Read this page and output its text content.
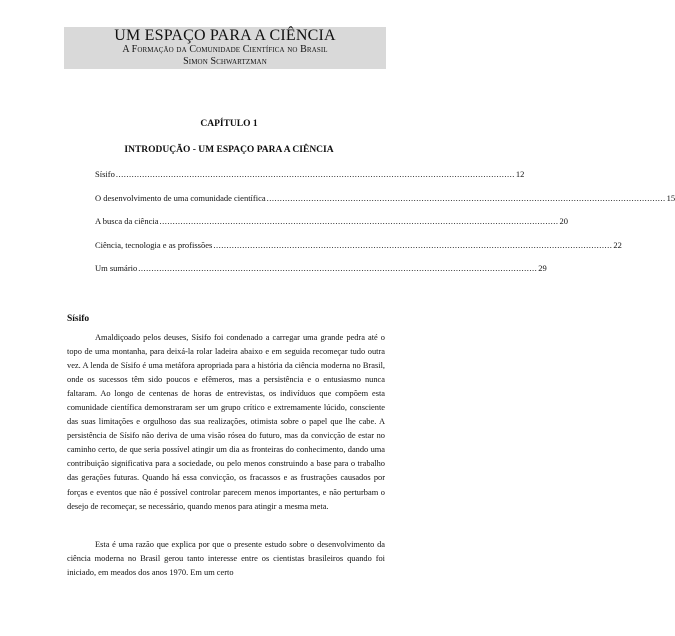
UM ESPAÇO PARA A CIÊNCIA
A Formação da Comunidade Científica no Brasil
Simon Schwartzman
CAPÍTULO 1
INTRODUÇÃO - UM ESPAÇO PARA A CIÊNCIA
Sísifo ........................................................................................................................................................ 12
O desenvolvimento de uma comunidade científica ........................................................................................................................................................ 15
A busca da ciência ........................................................................................................................................................ 20
Ciência, tecnologia e as profissões ........................................................................................................................................................ 22
Um sumário ........................................................................................................................................................ 29
Sísifo

Amaldiçoado pelos deuses, Sísifo foi condenado a carregar uma grande pedra até o topo de uma montanha, para deixá-la rolar ladeira abaixo e em seguida recomeçar tudo outra vez. A lenda de Sísifo é uma metáfora apropriada para a história da ciência moderna no Brasil, onde os sucessos têm sido poucos e efêmeros, mas a persistência e o entusiasmo nunca faltaram. Ao longo de centenas de horas de entrevistas, os indivíduos que compõem esta comunidade científica demonstraram ser um grupo crítico e extremamente lúcido, consciente das suas limitações e orgulhoso das sua realizações, otimista sobre o papel que lhe cabe. A persistência de Sísifo não deriva de uma visão rósea do futuro, mas da convicção de estar no caminho certo, de que seria possível atingir um dia as fronteiras do conhecimento, dando uma contribuição significativa para a sociedade, ou pelo menos construindo a base para o trabalho das gerações futuras. Quando há essa convicção, os fracassos e as frustrações causados por forças e eventos que não é possível controlar parecem menos importantes, e não perturbam o desejo de recomeçar, se necessário, quando menos para atingir a mesma meta.

Esta é uma razão que explica por que o presente estudo sobre o desenvolvimento da ciência moderna no Brasil gerou tanto interesse entre os cientistas brasileiros quando foi iniciado, em meados dos anos 1970. Em um certo
